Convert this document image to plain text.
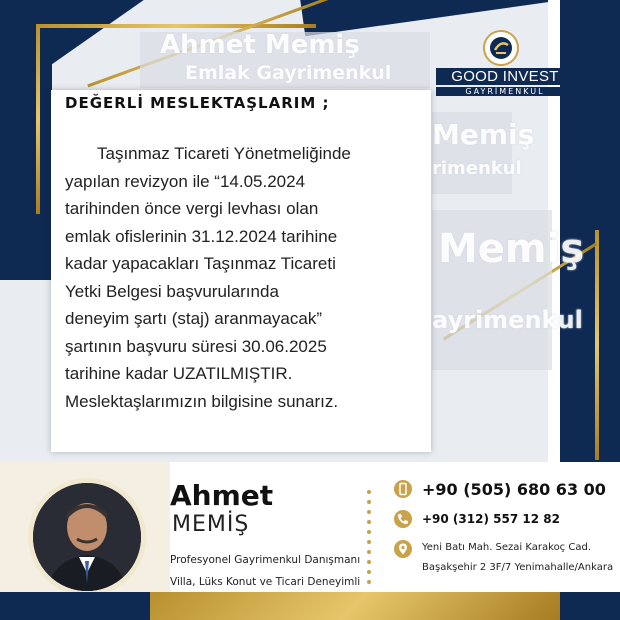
Ahmet Memiş
Emlak Gayrimenkul
Memiş
rimenkul
Memiş
ayrimenkul
GOOD INVEST
GAYRİMENKUL
DEĞERLİ MESLEKTAŞLARIM ;
Taşınmaz Ticareti Yönetmeliğinde
yapılan revizyon ile “14.05.2024
tarihinden önce vergi levhası olan
emlak ofislerinin 31.12.2024 tarihine
kadar yapacakları Taşınmaz Ticareti
Yetki Belgesi başvurularında
deneyim şartı (staj) aranmayacak”
şartının başvuru süresi 30.06.2025
tarihine kadar UZATILMIŞTIR.
Meslektaşlarımızın bilgisine sunarız.
Ahmet
MEMİŞ
Profesyonel Gayrimenkul Danışmanı
Villa, Lüks Konut ve Ticari Deneyimli
+90 (505) 680 63 00
+90 (312) 557 12 82
Yeni Batı Mah. Sezai Karakoç Cad.
Başakşehir 2 3F/7 Yenimahalle/Ankara
